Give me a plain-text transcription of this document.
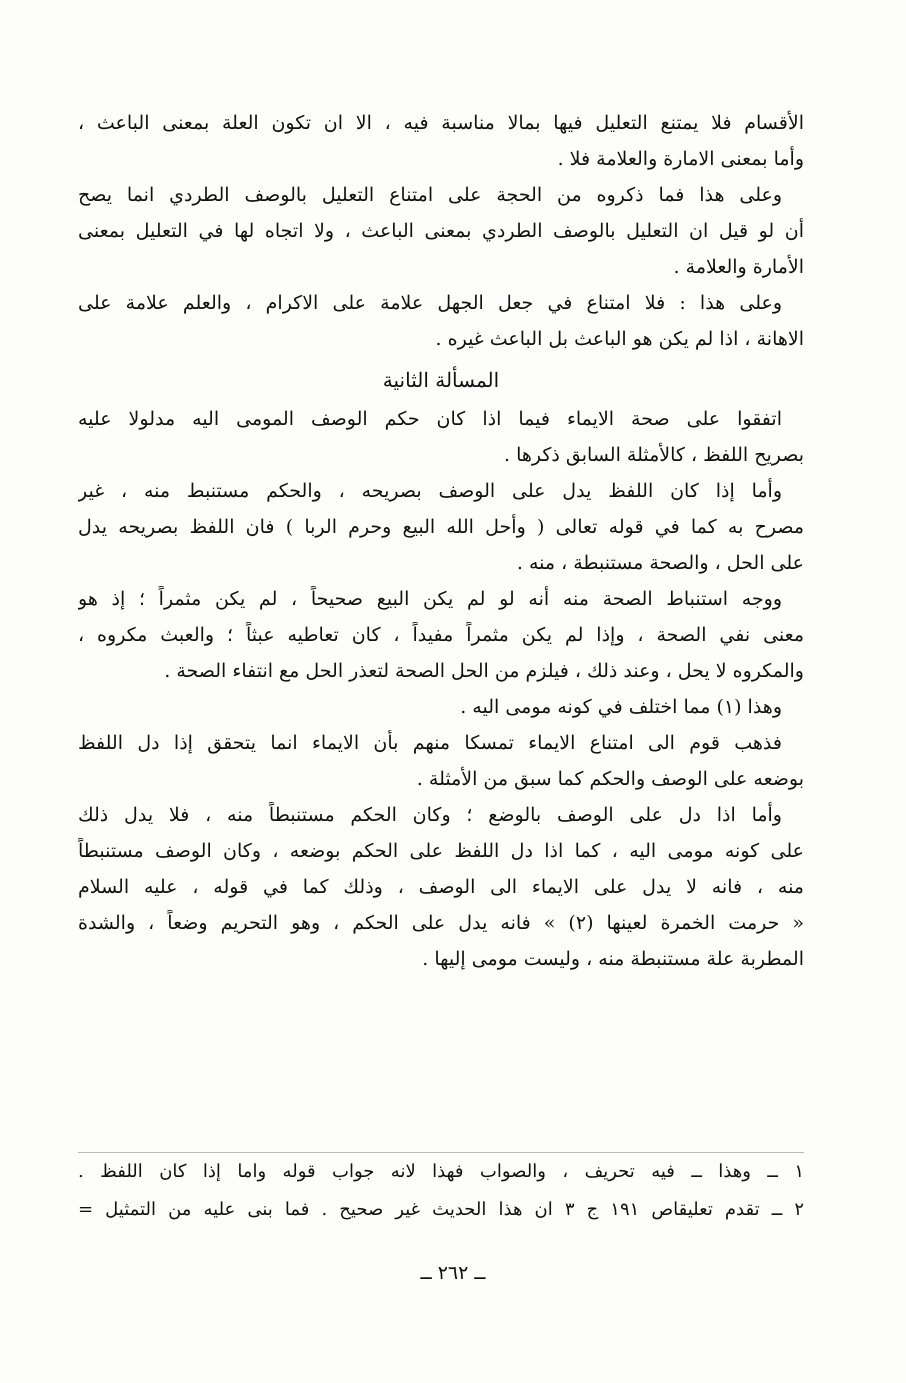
الأقسام فلا يمتنع التعليل فيها بمالا مناسبة فيه ، الا ان تكون العلة بمعنى الباعث ،
وأما بمعنى الامارة والعلامة فلا .
وعلى هذا فما ذكروه من الحجة على امتناع التعليل بالوصف الطردي انما يصح
أن لو قيل ان التعليل بالوصف الطردي بمعنى الباعث ، ولا اتجاه لها في التعليل بمعنى
الأمارة والعلامة .
وعلى هذا : فلا امتناع في جعل الجهل علامة على الاكرام ، والعلم علامة على
الاهانة ، اذا لم يكن هو الباعث بل الباعث غيره .
المسألة الثانية
اتفقوا على صحة الايماء فيما اذا كان حكم الوصف المومى اليه مدلولا عليه
بصريح اللفظ ، كالأمثلة السابق ذكرها .
وأما إذا كان اللفظ يدل على الوصف بصريحه ، والحكم مستنبط منه ، غير
مصرح به كما في قوله تعالى ( وأحل الله البيع وحرم الربا ) فان اللفظ بصريحه يدل
على الحل ، والصحة مستنبطة ، منه .
ووجه استنباط الصحة منه أنه لو لم يكن البيع صحيحاً ، لم يكن مثمراً ؛ إذ هو
معنى نفي الصحة ، وإذا لم يكن مثمراً مفيداً ، كان تعاطيه عبثاً ؛ والعبث مكروه ،
والمكروه لا يحل ، وعند ذلك ، فيلزم من الحل الصحة لتعذر الحل مع انتفاء الصحة .
وهذا (١) مما اختلف في كونه مومى اليه .
فذهب قوم الى امتناع الايماء تمسكا منهم بأن الايماء انما يتحقق إذا دل اللفظ
بوضعه على الوصف والحكم كما سبق من الأمثلة .
وأما اذا دل على الوصف بالوضع ؛ وكان الحكم مستنبطاً منه ، فلا يدل ذلك
على كونه مومى اليه ، كما اذا دل اللفظ على الحكم بوضعه ، وكان الوصف مستنبطاً
منه ، فانه لا يدل على الايماء الى الوصف ، وذلك كما في قوله ، عليه السلام
« حرمت الخمرة لعينها (٢) » فانه يدل على الحكم ، وهو التحريم وضعاً ، والشدة
المطربة علة مستنبطة منه ، وليست مومى إليها .
١ ــ وهذا ــ فيه تحريف ، والصواب فهذا لانه جواب قوله واما إذا كان اللفظ .
٢ ــ تقدم تعليقاص ١٩١ ج ٣ ان هذا الحديث غير صحيح . فما بنى عليه من التمثيل =
ــ ٢٦٢ ــ
